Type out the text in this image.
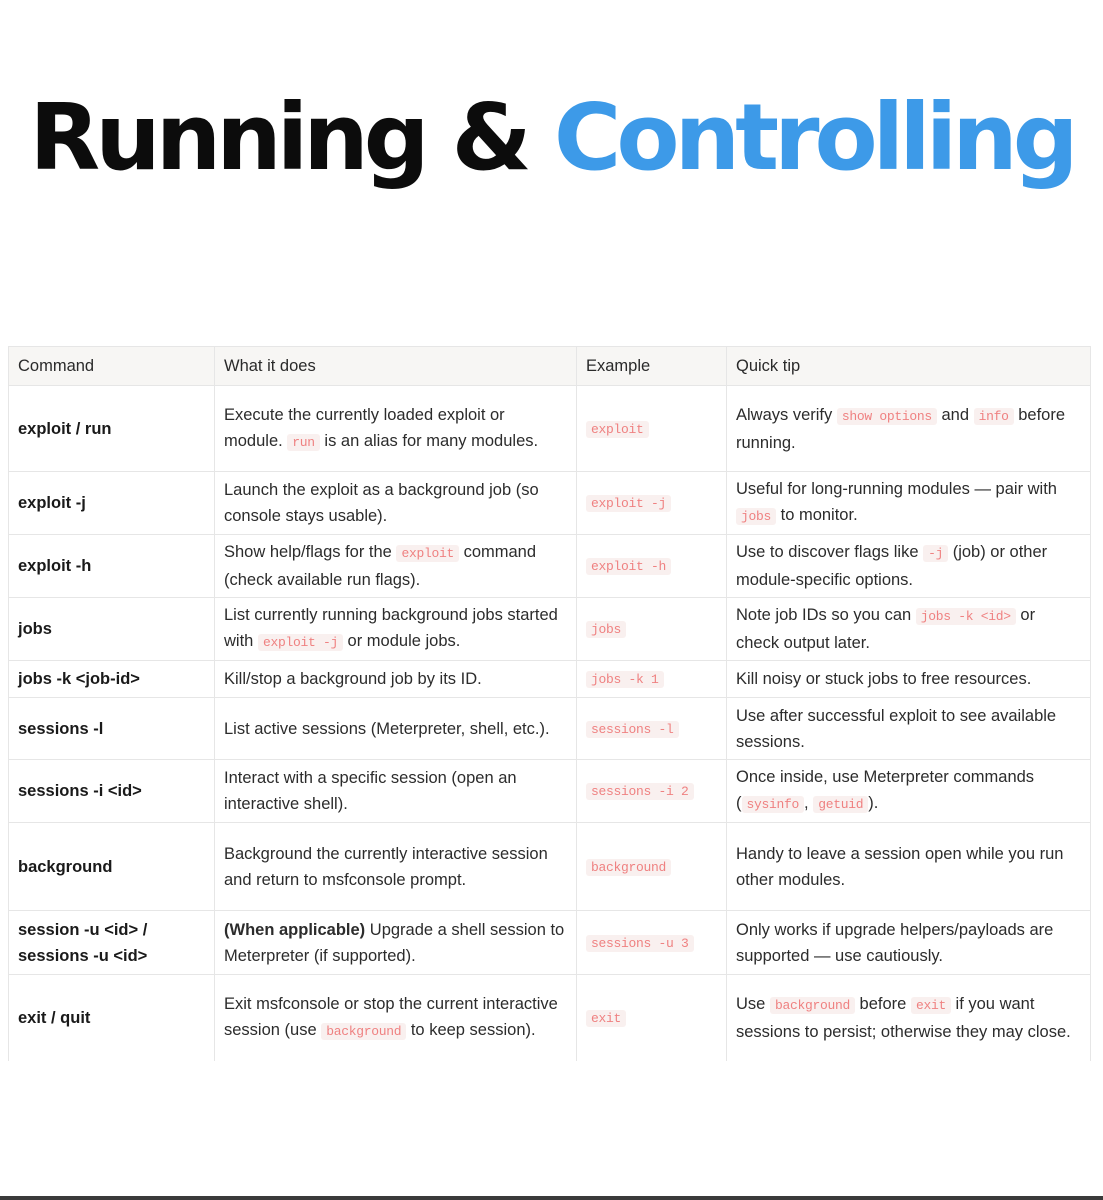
Running & Controlling
Command	What it does	Example	Quick tip
exploit / run	Execute the currently loaded exploit or module. run is an alias for many modules.	exploit	Always verify show options and info before running.
exploit -j	Launch the exploit as a background job (so console stays usable).	exploit -j	Useful for long-running modules — pair with jobs to monitor.
exploit -h	Show help/flags for the exploit command (check available run flags).	exploit -h	Use to discover flags like -j (job) or other module-specific options.
jobs	List currently running background jobs started with exploit -j or module jobs.	jobs	Note job IDs so you can jobs -k <id> or check output later.
jobs -k <job-id>	Kill/stop a background job by its ID.	jobs -k 1	Kill noisy or stuck jobs to free resources.
sessions -l	List active sessions (Meterpreter, shell, etc.).	sessions -l	Use after successful exploit to see available sessions.
sessions -i <id>	Interact with a specific session (open an interactive shell).	sessions -i 2	Once inside, use Meterpreter commands ( sysinfo , getuid ).
background	Background the currently interactive session and return to msfconsole prompt.	background	Handy to leave a session open while you run other modules.
session -u <id> / sessions -u <id>	(When applicable) Upgrade a shell session to Meterpreter (if supported).	sessions -u 3	Only works if upgrade helpers/payloads are supported — use cautiously.
exit / quit	Exit msfconsole or stop the current interactive session (use background to keep session).	exit	Use background before exit if you want sessions to persist; otherwise they may close.
